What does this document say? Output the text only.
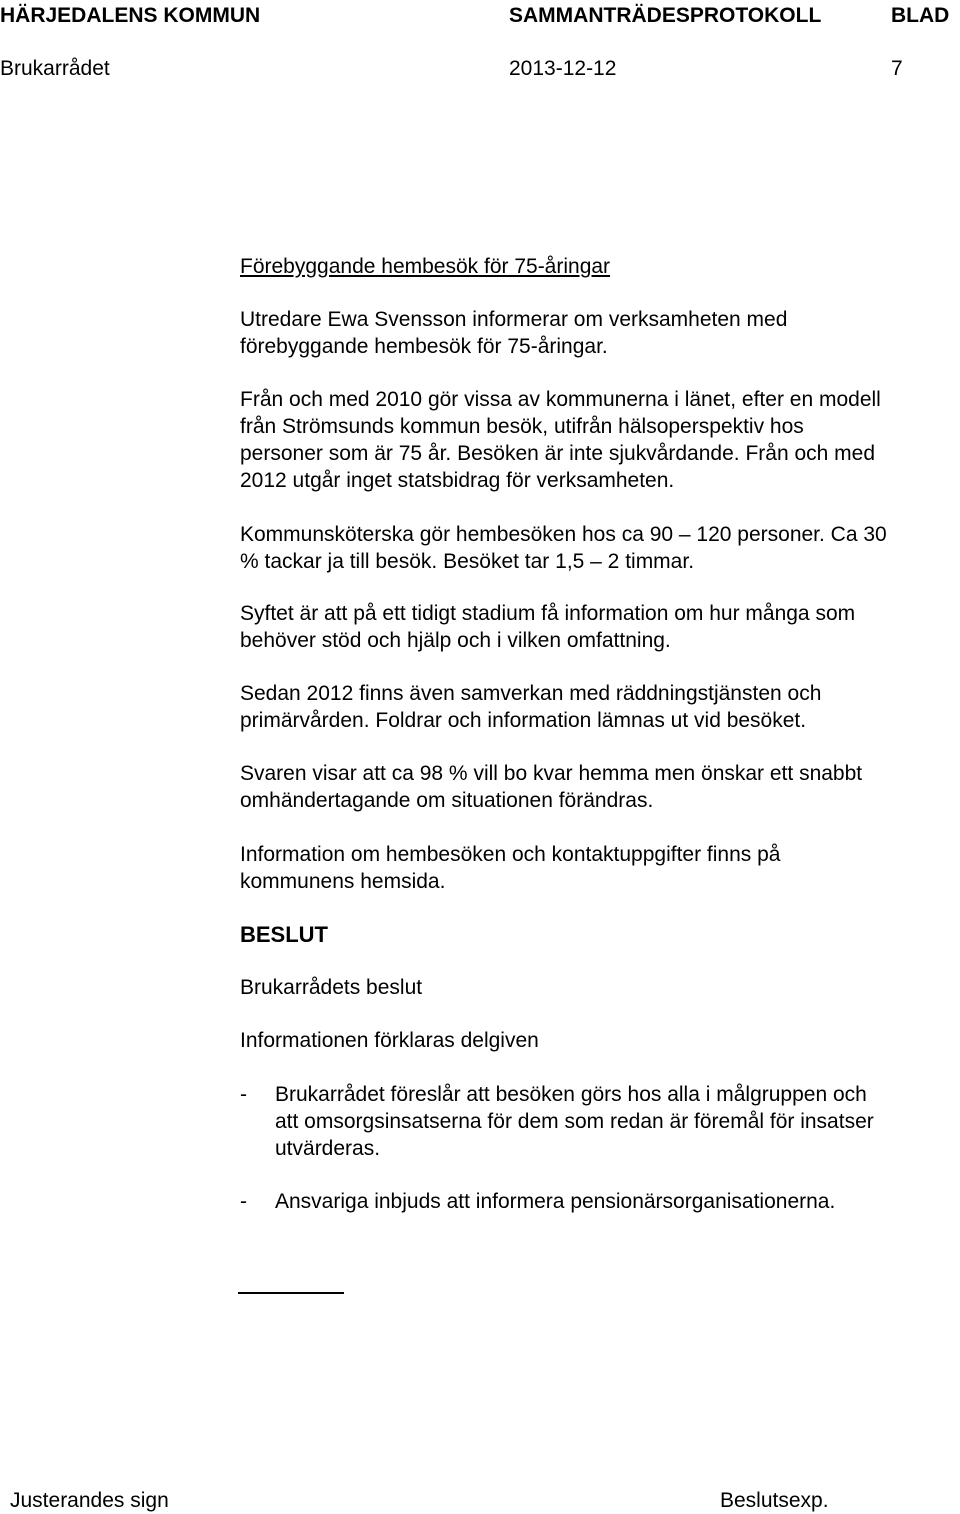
HÄRJEDALENS KOMMUN	SAMMANTRÄDESPROTOKOLL	BLAD
Brukarrådet	2013-12-12	7
Förebyggande hembesök för 75-åringar
Utredare Ewa Svensson informerar om verksamheten med
förebyggande hembesök för 75-åringar.
Från och med 2010 gör vissa av kommunerna i länet, efter en modell
från Strömsunds kommun besök, utifrån hälsoperspektiv hos
personer som är 75 år. Besöken är inte sjukvårdande. Från och med
2012 utgår inget statsbidrag för verksamheten.
Kommunsköterska gör hembesöken hos ca 90 – 120 personer. Ca 30
% tackar ja till besök. Besöket tar 1,5 – 2 timmar.
Syftet är att på ett tidigt stadium få information om hur många som
behöver stöd och hjälp och i vilken omfattning.
Sedan 2012 finns även samverkan med räddningstjänsten och
primärvården. Foldrar och information lämnas ut vid besöket.
Svaren visar att ca 98 % vill bo kvar hemma men önskar ett snabbt
omhändertagande om situationen förändras.
Information om hembesöken och kontaktuppgifter finns på
kommunens hemsida.
BESLUT
Brukarrådets beslut
Informationen förklaras delgiven
- Brukarrådet föreslår att besöken görs hos alla i målgruppen och
att omsorgsinsatserna för dem som redan är föremål för insatser
utvärderas.
- Ansvariga inbjuds att informera pensionärsorganisationerna.
Justerandes sign	Beslutsexp.
